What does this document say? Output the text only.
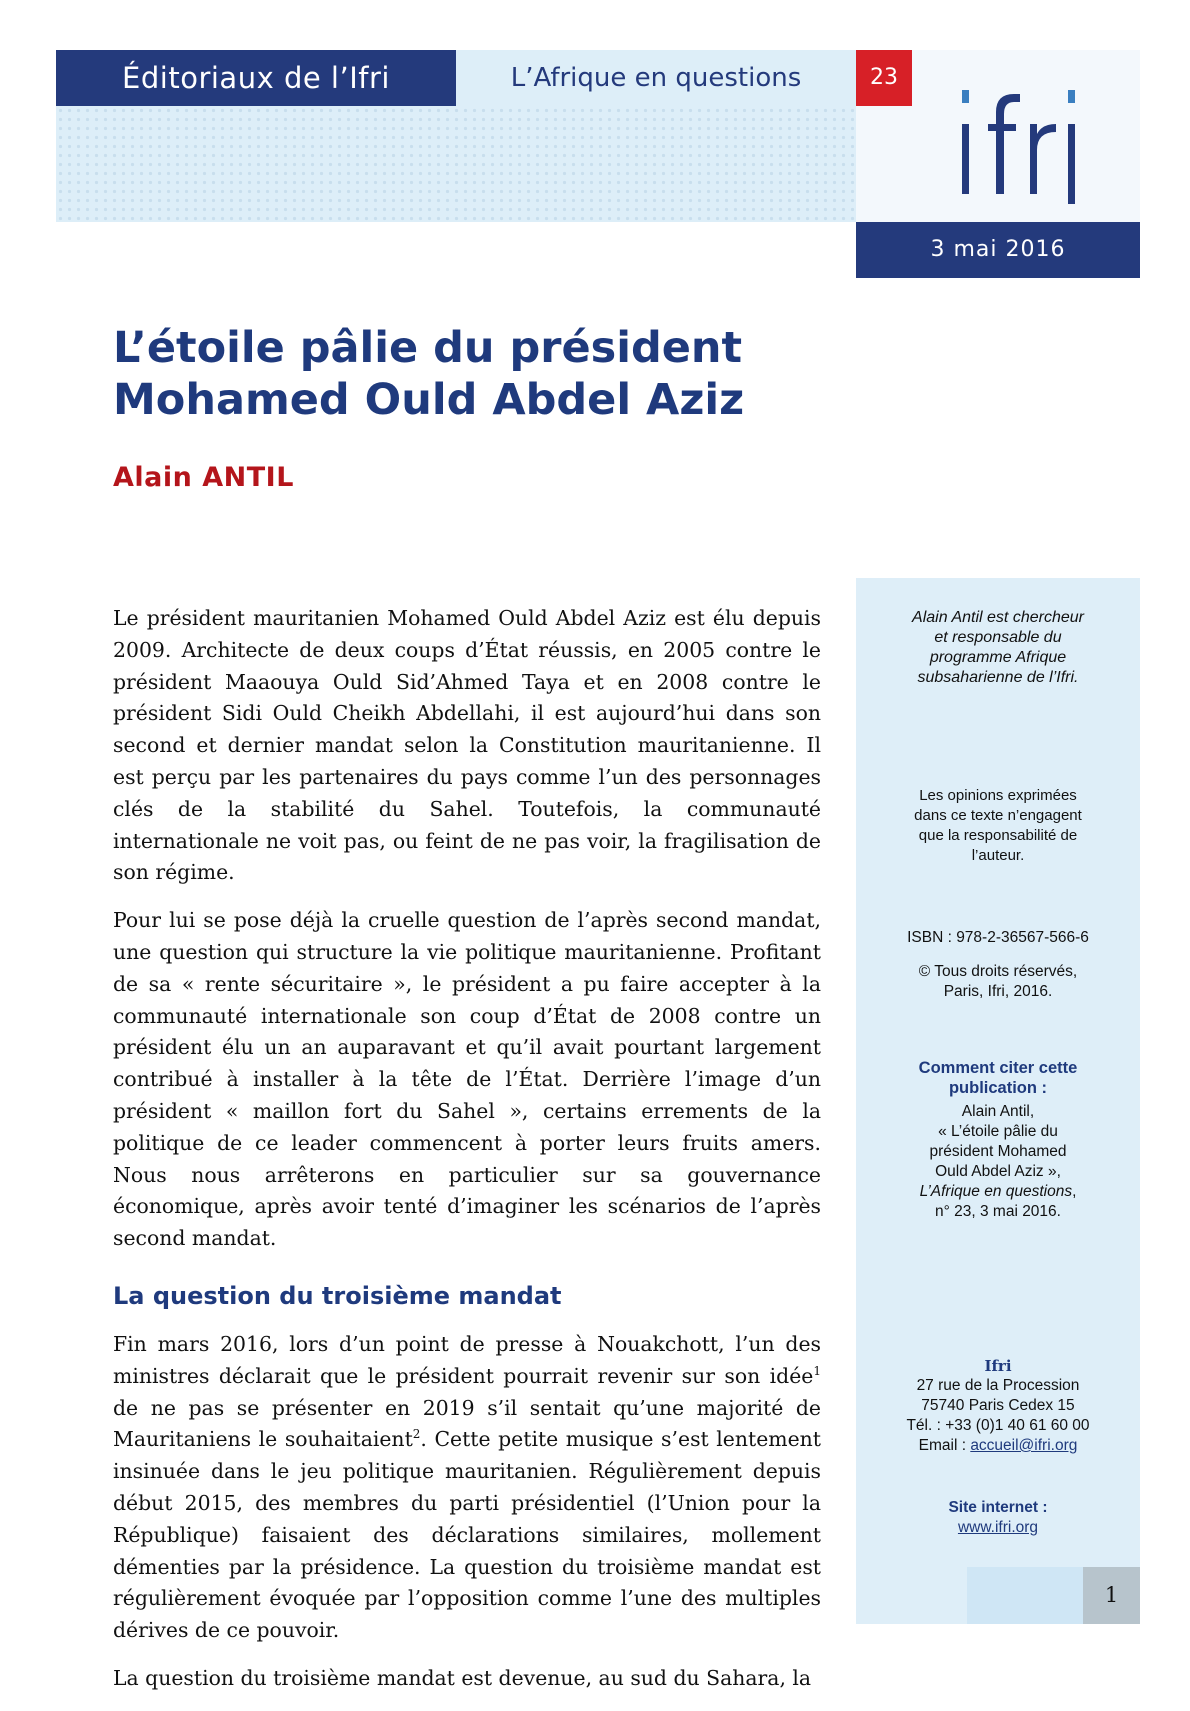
Éditoriaux de l’Ifri	L’Afrique en questions	23
3 mai 2016
L’étoile pâlie du président Mohamed Ould Abdel Aziz
Alain ANTIL

Le président mauritanien Mohamed Ould Abdel Aziz est élu depuis 2009. Architecte de deux coups d’État réussis, en 2005 contre le président Maaouya Ould Sid’Ahmed Taya et en 2008 contre le président Sidi Ould Cheikh Abdellahi, il est aujourd’hui dans son second et dernier mandat selon la Constitution mauritanienne. Il est perçu par les partenaires du pays comme l’un des personnages clés de la stabilité du Sahel. Toutefois, la communauté internationale ne voit pas, ou feint de ne pas voir, la fragilisation de son régime.

Pour lui se pose déjà la cruelle question de l’après second mandat, une question qui structure la vie politique mauritanienne. Profitant de sa « rente sécuritaire », le président a pu faire accepter à la communauté internationale son coup d’État de 2008 contre un président élu un an auparavant et qu’il avait pourtant largement contribué à installer à la tête de l’État. Derrière l’image d’un président « maillon fort du Sahel », certains errements de la politique de ce leader commencent à porter leurs fruits amers. Nous nous arrêterons en particulier sur sa gouvernance économique, après avoir tenté d’imaginer les scénarios de l’après second mandat.

La question du troisième mandat

Fin mars 2016, lors d’un point de presse à Nouakchott, l’un des ministres déclarait que le président pourrait revenir sur son idée$^1$ de ne pas se présenter en 2019 s’il sentait qu’une majorité de Mauritaniens le souhaitaient$^2$. Cette petite musique s’est lentement insinuée dans le jeu politique mauritanien. Régulièrement depuis début 2015, des membres du parti présidentiel (l’Union pour la République) faisaient des déclarations similaires, mollement démenties par la présidence. La question du troisième mandat est régulièrement évoquée par l’opposition comme l’une des multiples dérives de ce pouvoir.

La question du troisième mandat est devenue, au sud du Sahara, la

Alain Antil est chercheur
et responsable du
programme Afrique
subsaharienne de l’Ifri.
Les opinions exprimées
dans ce texte n’engagent
que la responsabilité de
l’auteur.
ISBN : 978-2-36567-566-6
© Tous droits réservés,
Paris, Ifri, 2016.
Comment citer cette
publication :
Alain Antil,
« L’étoile pâlie du
président Mohamed
Ould Abdel Aziz »,
L’Afrique en questions,
n° 23, 3 mai 2016.
Ifri
27 rue de la Procession
75740 Paris Cedex 15
Tél. : +33 (0)1 40 61 60 00
Email : accueil@ifri.org
Site internet :
www.ifri.org
1
